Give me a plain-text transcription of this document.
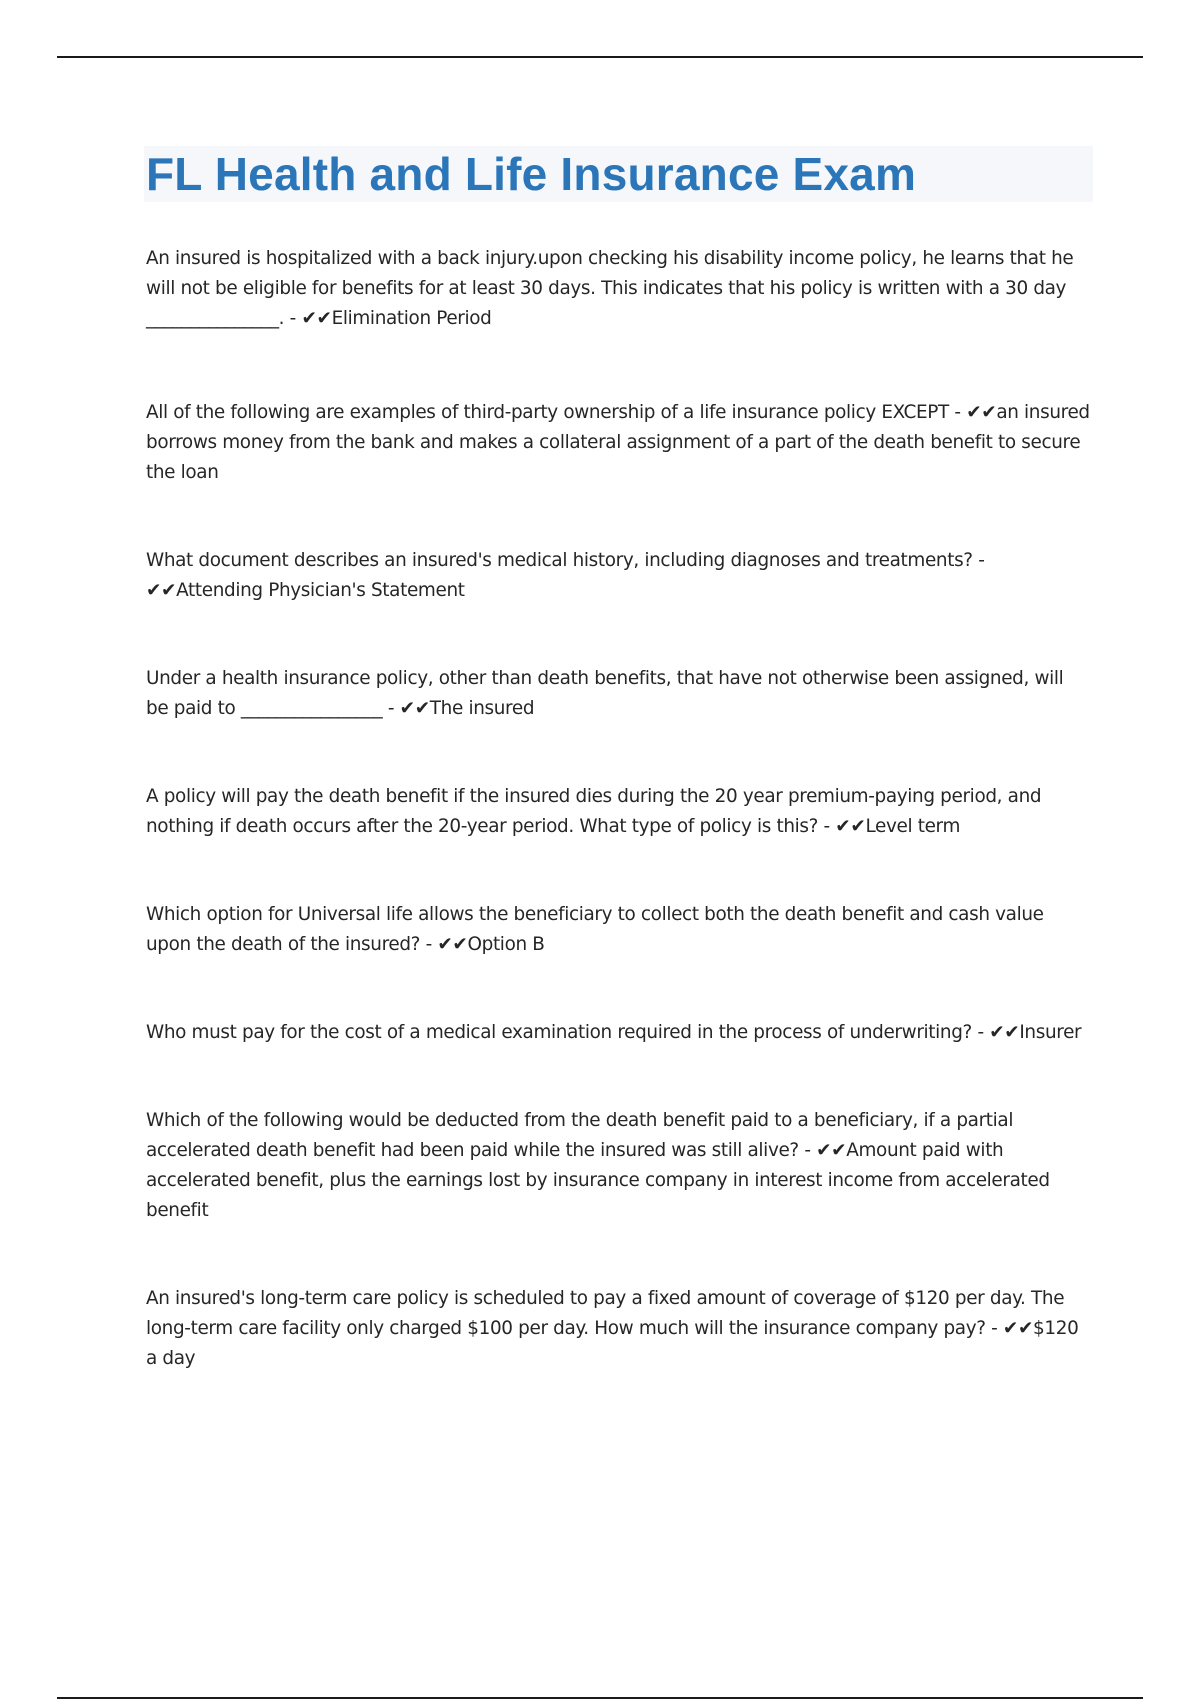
FL Health and Life Insurance Exam

An insured is hospitalized with a back injury.upon checking his disability income policy, he learns that he will not be eligible for benefits for at least 30 days. This indicates that his policy is written with a 30 day _______________. - ✔✔Elimination Period

All of the following are examples of third-party ownership of a life insurance policy EXCEPT - ✔✔an insured borrows money from the bank and makes a collateral assignment of a part of the death benefit to secure the loan

What document describes an insured's medical history, including diagnoses and treatments? - ✔✔Attending Physician's Statement

Under a health insurance policy, other than death benefits, that have not otherwise been assigned, will be paid to ________________ - ✔✔The insured

A policy will pay the death benefit if the insured dies during the 20 year premium-paying period, and nothing if death occurs after the 20-year period. What type of policy is this? - ✔✔Level term

Which option for Universal life allows the beneficiary to collect both the death benefit and cash value upon the death of the insured? - ✔✔Option B

Who must pay for the cost of a medical examination required in the process of underwriting? - ✔✔Insurer

Which of the following would be deducted from the death benefit paid to a beneficiary, if a partial accelerated death benefit had been paid while the insured was still alive? - ✔✔Amount paid with accelerated benefit, plus the earnings lost by insurance company in interest income from accelerated benefit

An insured's long-term care policy is scheduled to pay a fixed amount of coverage of $120 per day. The long-term care facility only charged $100 per day. How much will the insurance company pay? - ✔✔$120 a day
